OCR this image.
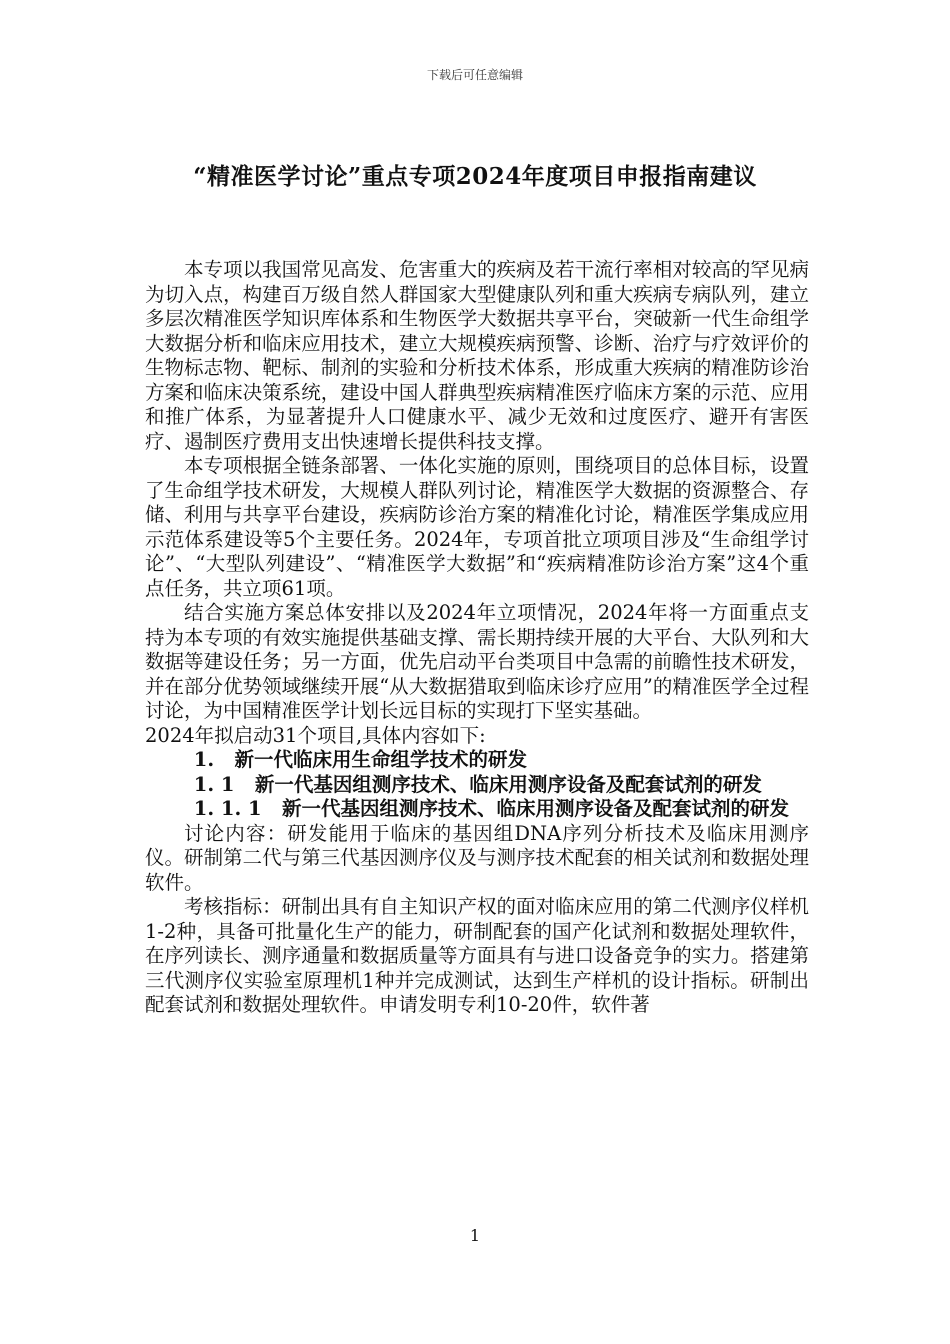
下载后可任意编辑
“精准医学讨论”重点专项2024年度项目申报指南建议

本专项以我国常见高发、危害重大的疾病及若干流行率相对较高的罕见病为切入点，构建百万级自然人群国家大型健康队列和重大疾病专病队列，建立多层次精准医学知识库体系和生物医学大数据共享平台，突破新一代生命组学大数据分析和临床应用技术，建立大规模疾病预警、诊断、治疗与疗效评价的生物标志物、靶标、制剂的实验和分析技术体系，形成重大疾病的精准防诊治方案和临床决策系统，建设中国人群典型疾病精准医疗临床方案的示范、应用和推广体系，为显著提升人口健康水平、减少无效和过度医疗、避开有害医疗、遏制医疗费用支出快速增长提供科技支撑。

本专项根据全链条部署、一体化实施的原则，围绕项目的总体目标，设置了生命组学技术研发，大规模人群队列讨论，精准医学大数据的资源整合、存储、利用与共享平台建设，疾病防诊治方案的精准化讨论，精准医学集成应用示范体系建设等5个主要任务。2024年，专项首批立项项目涉及“生命组学讨论”、“大型队列建设”、“精准医学大数据”和“疾病精准防诊治方案”这4个重点任务，共立项61项。

结合实施方案总体安排以及2024年立项情况，2024年将一方面重点支持为本专项的有效实施提供基础支撑、需长期持续开展的大平台、大队列和大数据等建设任务；另一方面，优先启动平台类项目中急需的前瞻性技术研发，并在部分优势领域继续开展“从大数据猎取到临床诊疗应用”的精准医学全过程讨论，为中国精准医学计划长远目标的实现打下坚实基础。

2024年拟启动31个项目,具体内容如下:

1.   新一代临床用生命组学技术的研发

1. 1   新一代基因组测序技术、临床用测序设备及配套试剂的研发

1. 1. 1   新一代基因组测序技术、临床用测序设备及配套试剂的研发

讨论内容：研发能用于临床的基因组DNA序列分析技术及临床用测序仪。研制第二代与第三代基因测序仪及与测序技术配套的相关试剂和数据处理软件。

考核指标：研制出具有自主知识产权的面对临床应用的第二代测序仪样机1-2种，具备可批量化生产的能力，研制配套的国产化试剂和数据处理软件，在序列读长、测序通量和数据质量等方面具有与进口设备竞争的实力。搭建第三代测序仪实验室原理机1种并完成测试，达到生产样机的设计指标。研制出配套试剂和数据处理软件。申请发明专利10-20件，软件著

1
